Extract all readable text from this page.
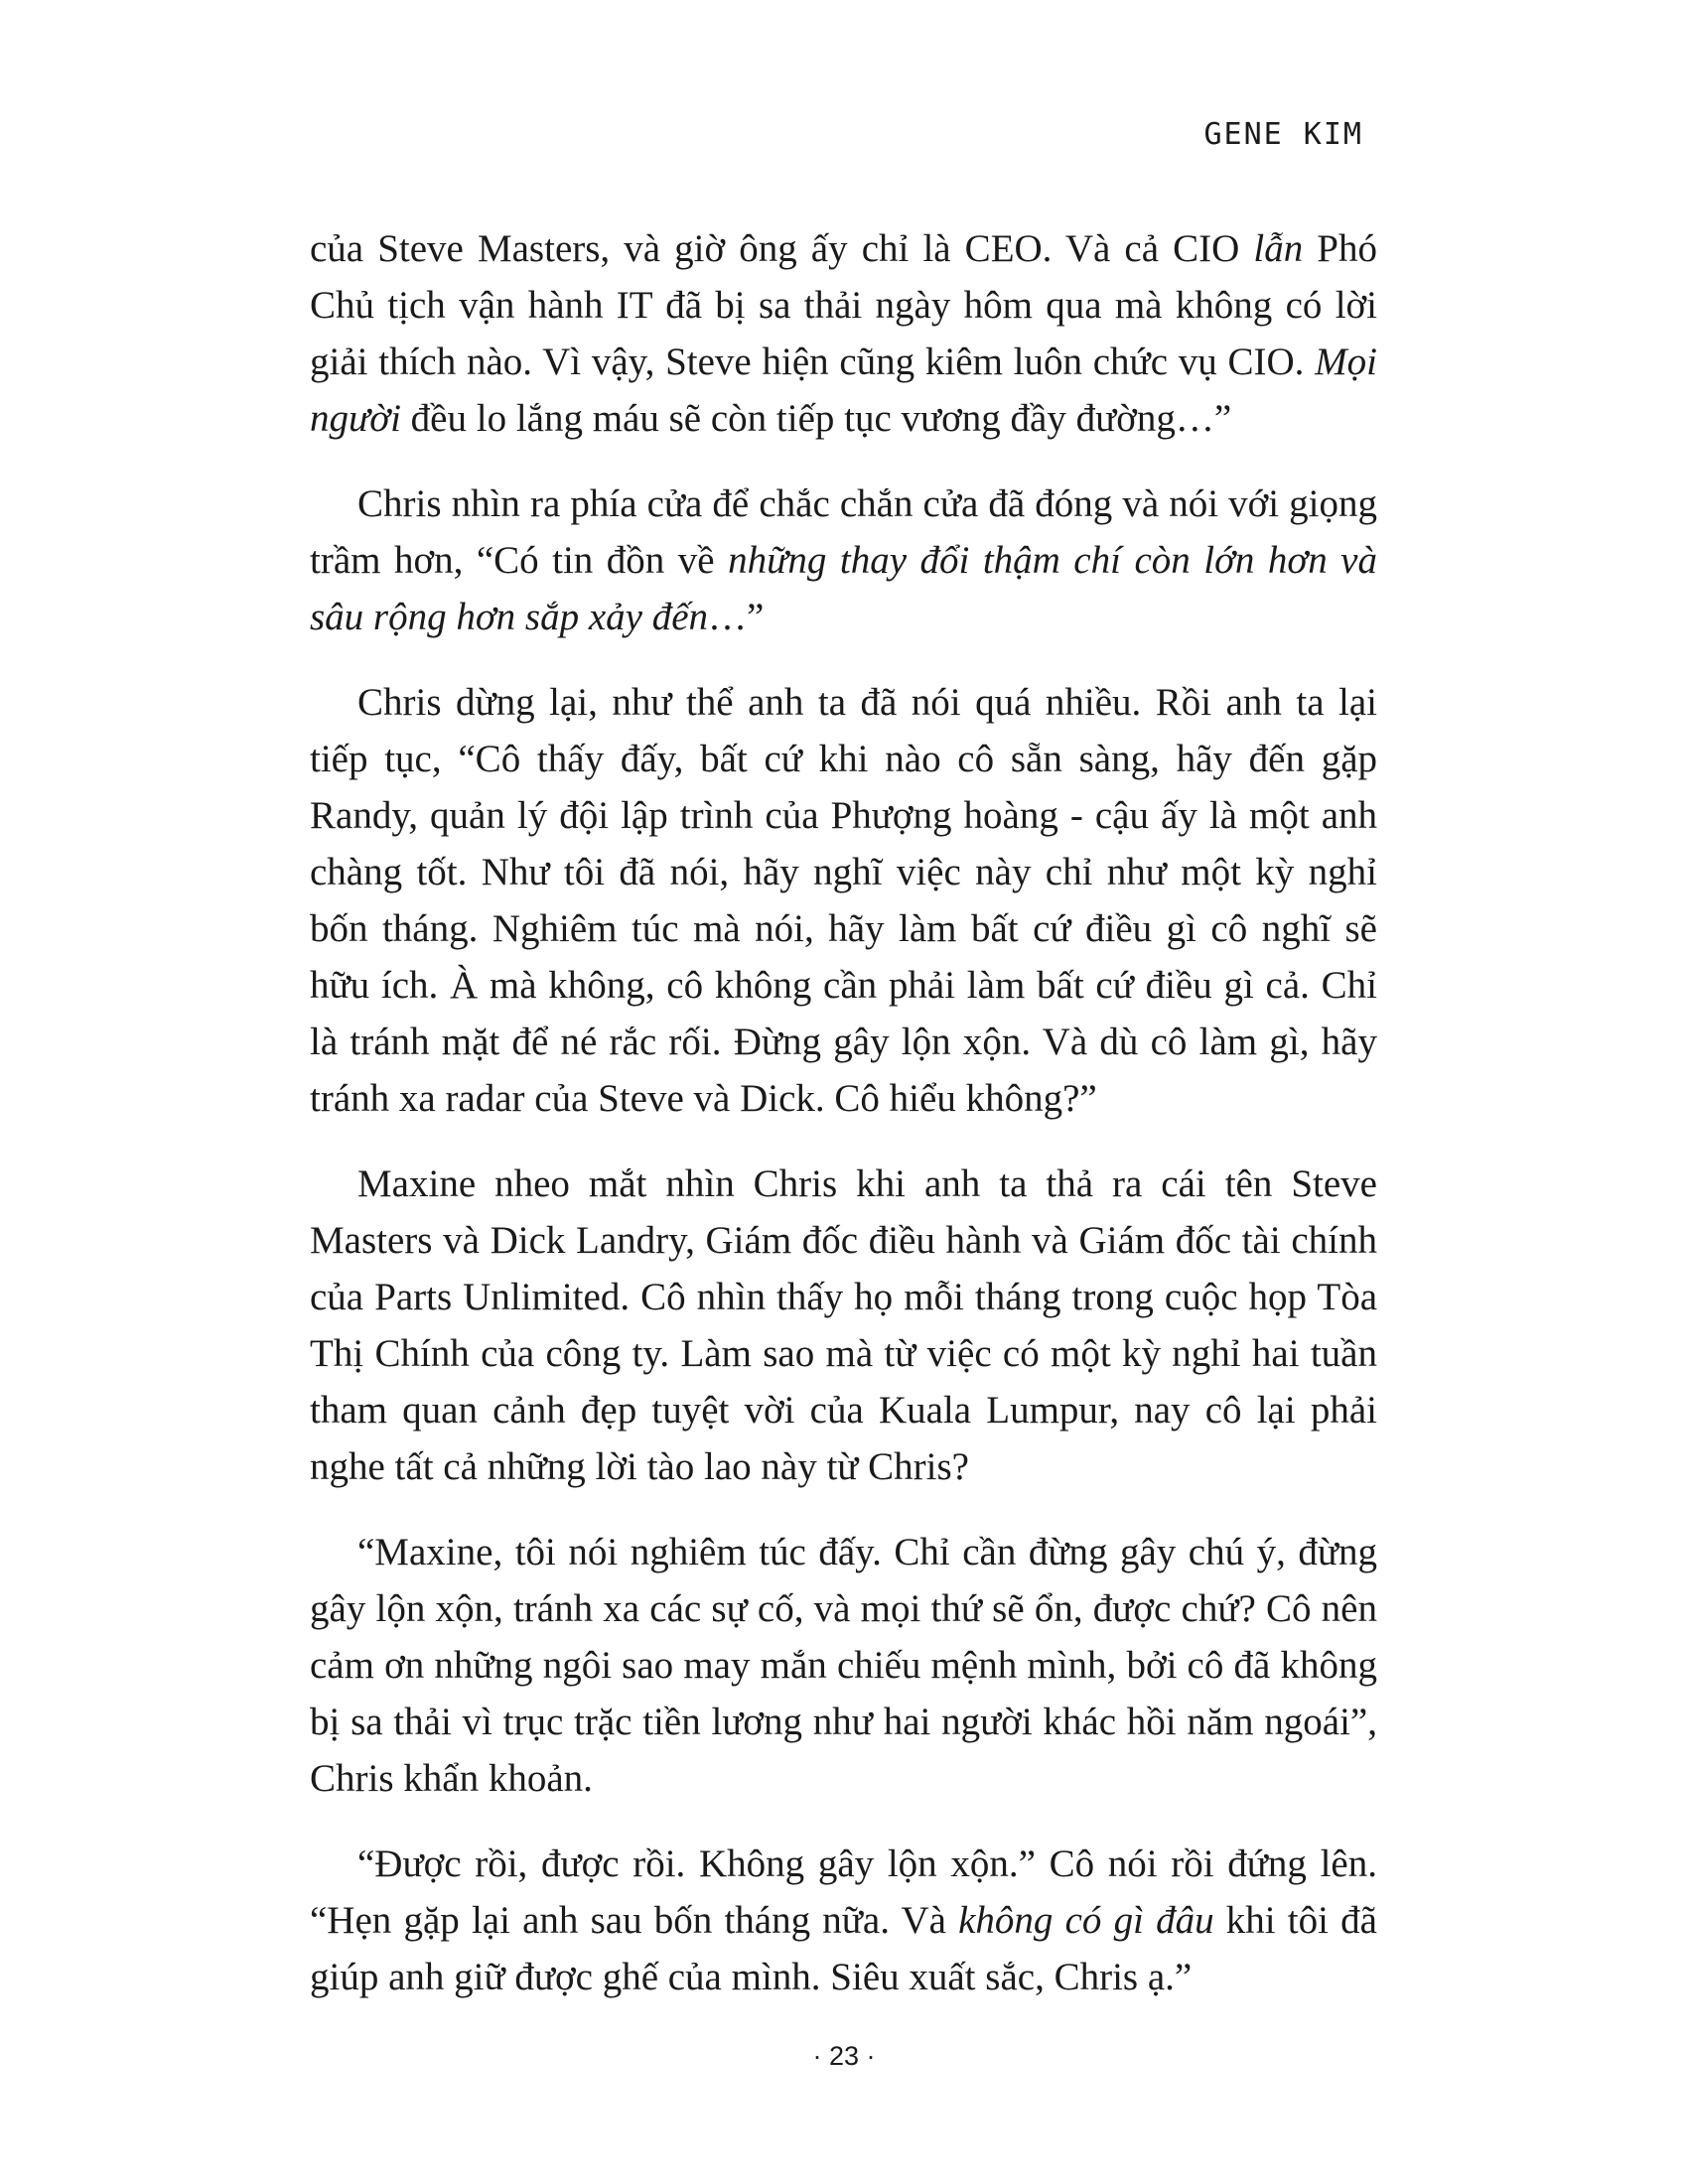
GENE KIM

của Steve Masters, và giờ ông ấy chỉ là CEO. Và cả CIO lẫn Phó Chủ tịch vận hành IT đã bị sa thải ngày hôm qua mà không có lời giải thích nào. Vì vậy, Steve hiện cũng kiêm luôn chức vụ CIO. Mọi người đều lo lắng máu sẽ còn tiếp tục vương đầy đường…”

Chris nhìn ra phía cửa để chắc chắn cửa đã đóng và nói với giọng trầm hơn, “Có tin đồn về những thay đổi thậm chí còn lớn hơn và sâu rộng hơn sắp xảy đến…”

Chris dừng lại, như thể anh ta đã nói quá nhiều. Rồi anh ta lại tiếp tục, “Cô thấy đấy, bất cứ khi nào cô sẵn sàng, hãy đến gặp Randy, quản lý đội lập trình của Phượng hoàng - cậu ấy là một anh chàng tốt. Như tôi đã nói, hãy nghĩ việc này chỉ như một kỳ nghỉ bốn tháng. Nghiêm túc mà nói, hãy làm bất cứ điều gì cô nghĩ sẽ hữu ích. À mà không, cô không cần phải làm bất cứ điều gì cả. Chỉ là tránh mặt để né rắc rối. Đừng gây lộn xộn. Và dù cô làm gì, hãy tránh xa radar của Steve và Dick. Cô hiểu không?”

Maxine nheo mắt nhìn Chris khi anh ta thả ra cái tên Steve Masters và Dick Landry, Giám đốc điều hành và Giám đốc tài chính của Parts Unlimited. Cô nhìn thấy họ mỗi tháng trong cuộc họp Tòa Thị Chính của công ty. Làm sao mà từ việc có một kỳ nghỉ hai tuần tham quan cảnh đẹp tuyệt vời của Kuala Lumpur, nay cô lại phải nghe tất cả những lời tào lao này từ Chris?

“Maxine, tôi nói nghiêm túc đấy. Chỉ cần đừng gây chú ý, đừng gây lộn xộn, tránh xa các sự cố, và mọi thứ sẽ ổn, được chứ? Cô nên cảm ơn những ngôi sao may mắn chiếu mệnh mình, bởi cô đã không bị sa thải vì trục trặc tiền lương như hai người khác hồi năm ngoái”, Chris khẩn khoản.

“Được rồi, được rồi. Không gây lộn xộn.” Cô nói rồi đứng lên. “Hẹn gặp lại anh sau bốn tháng nữa. Và không có gì đâu khi tôi đã giúp anh giữ được ghế của mình. Siêu xuất sắc, Chris ạ.”

· 23 ·
